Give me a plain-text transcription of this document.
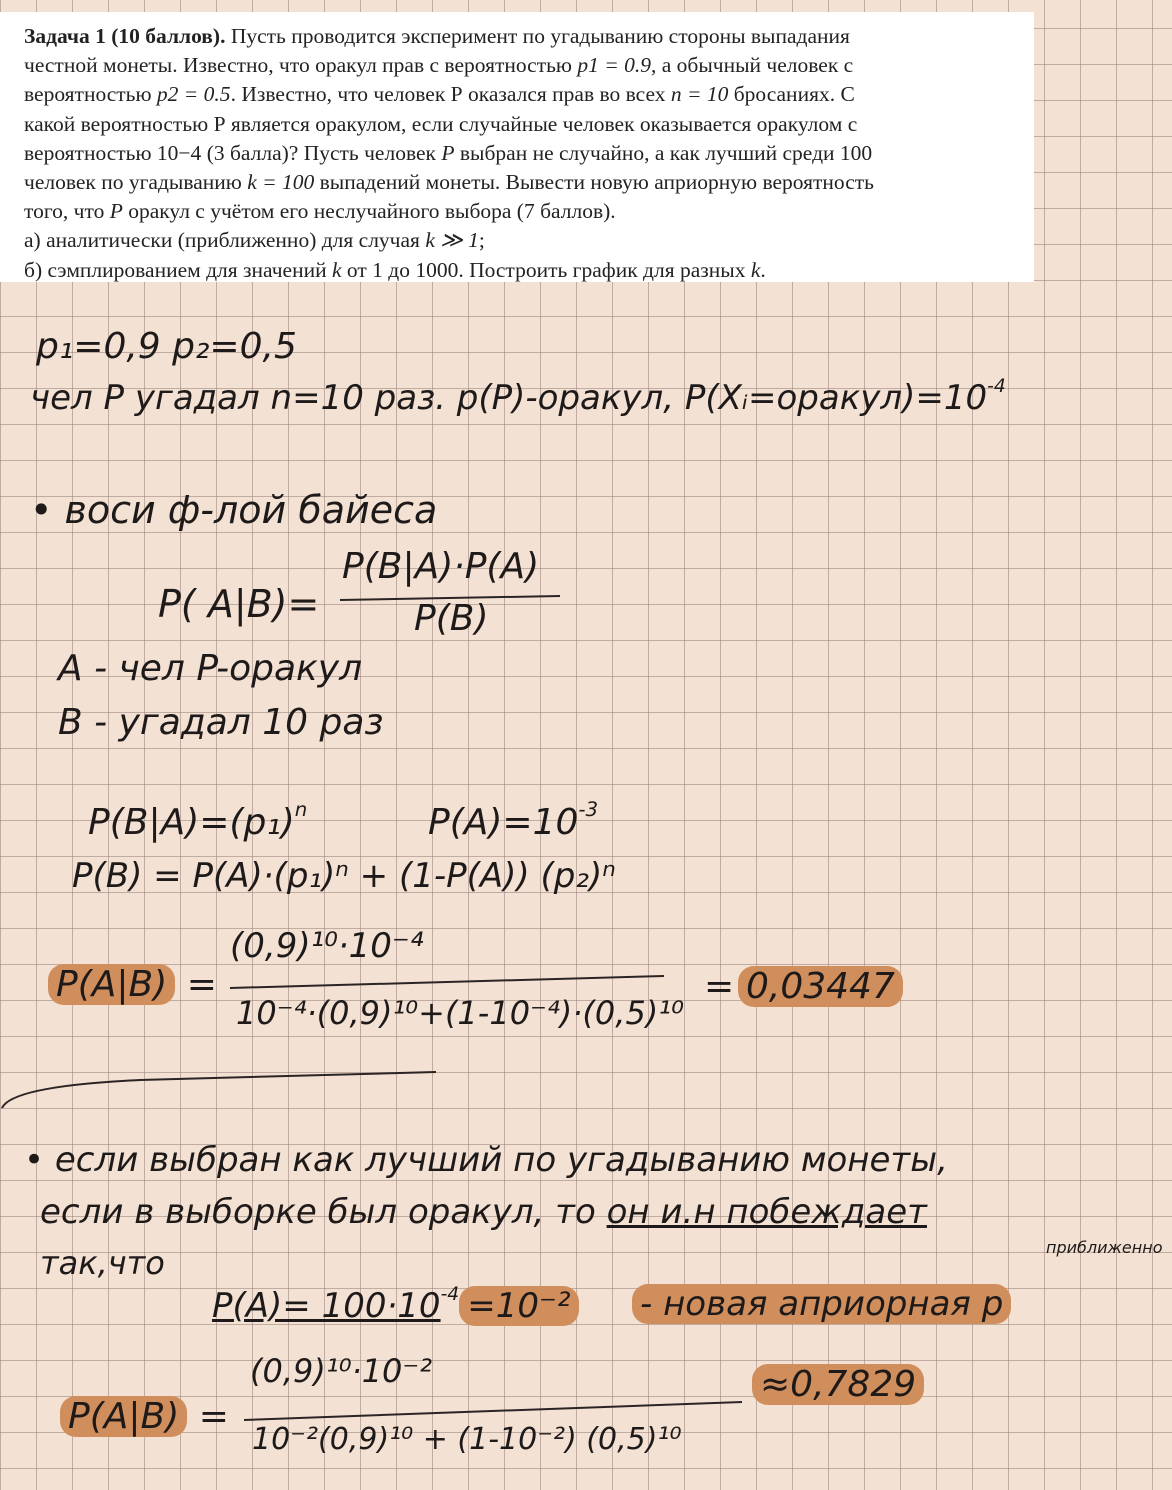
Задача 1 (10 баллов). Пусть проводится эксперимент по угадыванию стороны выпадания
честной монеты. Известно, что оракул прав с вероятностью p1 = 0.9, а обычный человек с
вероятностью p2 = 0.5. Известно, что человек Р оказался прав во всех n = 10 бросаниях. С
какой вероятностью Р является оракулом, если случайные человек оказывается оракулом с
вероятностью 10−4 (3 балла)? Пусть человек P выбран не случайно, а как лучший среди 100
человек по угадыванию k = 100 выпадений монеты. Вывести новую априорную вероятность
того, что P оракул с учётом его неслучайного выбора (7 баллов).
а) аналитически (приближенно) для случая k ≫ 1;
б) сэмплированием для значений k от 1 до 1000. Построить график для разных k.
p₁=0,9 p₂=0,5
чел P угадал n=10 раз. p(P)-оракул, $P(Xᵢ=оракул)=10^{-4}$
• воси ф-лой байеса
P( A|B)=
P(B|A)·P(A)
P(B)
A - чел P-оракул
B - угадал 10 раз
$P(B|A)=(p_1)^n$	$P(A)=10^{-3}$
P(B) = P(A)·(p₁)ⁿ + (1-P(A)) (p₂)ⁿ
P(A|B) =
(0,9)¹⁰·10⁻⁴
10⁻⁴·(0,9)¹⁰+(1-10⁻⁴)·(0,5)¹⁰
= 0,03447
• если выбран как лучший по угадыванию монеты,
если в выборке был оракул, то он и.н побеждает
приближенно
так,что
$P(A)= 100\cdot 10^{-4} =10^{-2}$ - новая априорная р
P(A|B) =
(0,9)¹⁰·10⁻²
10⁻²(0,9)¹⁰ + (1-10⁻²) (0,5)¹⁰
≈0,7829
